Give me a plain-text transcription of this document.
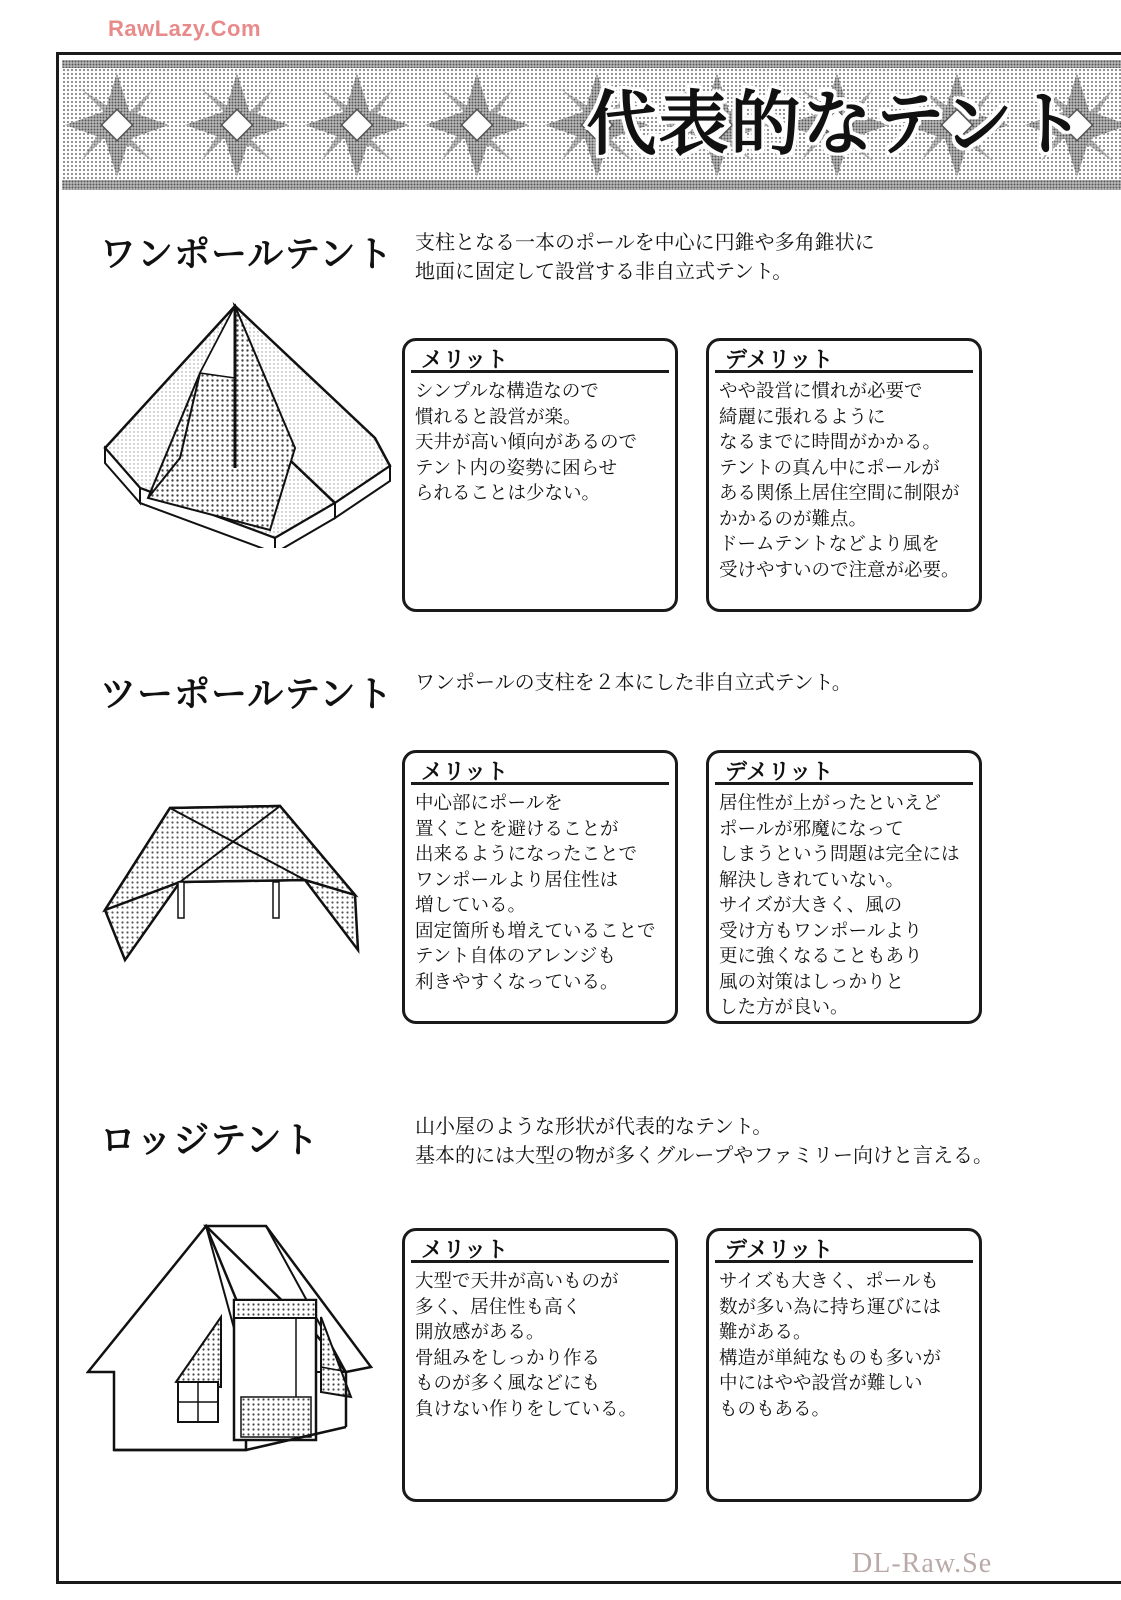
RawLazy.Com
代表的なテント
ワンポールテント 支柱となる一本のポールを中心に円錐や多角錐状に
地面に固定して設営する非自立式テント。
メリット
シンプルな構造なので
慣れると設営が楽。
天井が高い傾向があるので
テント内の姿勢に困らせ
られることは少ない。
デメリット
やや設営に慣れが必要で
綺麗に張れるように
なるまでに時間がかかる。
テントの真ん中にポールが
ある関係上居住空間に制限が
かかるのが難点。
ドームテントなどより風を
受けやすいので注意が必要。
ツーポールテント ワンポールの支柱を２本にした非自立式テント。
メリット
中心部にポールを
置くことを避けることが
出来るようになったことで
ワンポールより居住性は
増している。
固定箇所も増えていることで
テント自体のアレンジも
利きやすくなっている。
デメリット
居住性が上がったといえど
ポールが邪魔になって
しまうという問題は完全には
解決しきれていない。
サイズが大きく、風の
受け方もワンポールより
更に強くなることもあり
風の対策はしっかりと
した方が良い。
ロッジテント	山小屋のような形状が代表的なテント。
基本的には大型の物が多くグループやファミリー向けと言える。
メリット
大型で天井が高いものが
多く、居住性も高く
開放感がある。
骨組みをしっかり作る
ものが多く風などにも
負けない作りをしている。
デメリット
サイズも大きく、ポールも
数が多い為に持ち運びには
難がある。
構造が単純なものも多いが
中にはやや設営が難しい
ものもある。
DL-Raw.Se
